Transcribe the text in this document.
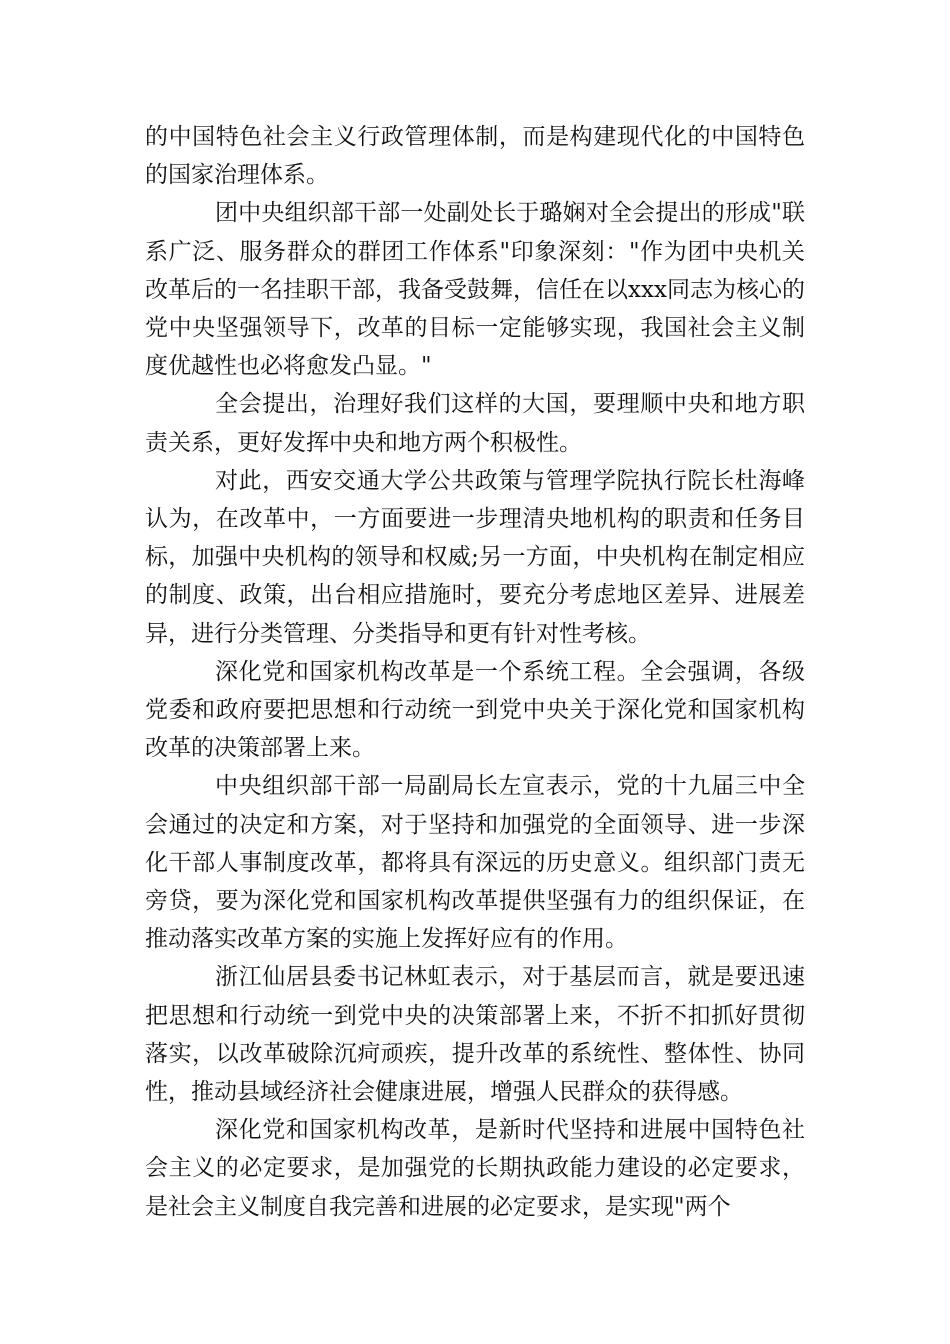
的中国特色社会主义行政管理体制，而是构建现代化的中国特色的国家治理体系。

团中央组织部干部一处副处长于璐娴对全会提出的形成"联系广泛、服务群众的群团工作体系"印象深刻："作为团中央机关改革后的一名挂职干部，我备受鼓舞，信任在以xxx同志为核心的党中央坚强领导下，改革的目标一定能够实现，我国社会主义制度优越性也必将愈发凸显。"

全会提出，治理好我们这样的大国，要理顺中央和地方职责关系，更好发挥中央和地方两个积极性。

对此，西安交通大学公共政策与管理学院执行院长杜海峰认为，在改革中，一方面要进一步理清央地机构的职责和任务目标，加强中央机构的领导和权威;另一方面，中央机构在制定相应的制度、政策，出台相应措施时，要充分考虑地区差异、进展差异，进行分类管理、分类指导和更有针对性考核。

深化党和国家机构改革是一个系统工程。全会强调，各级党委和政府要把思想和行动统一到党中央关于深化党和国家机构改革的决策部署上来。

中央组织部干部一局副局长左宣表示，党的十九届三中全会通过的决定和方案，对于坚持和加强党的全面领导、进一步深化干部人事制度改革，都将具有深远的历史意义。组织部门责无旁贷，要为深化党和国家机构改革提供坚强有力的组织保证，在推动落实改革方案的实施上发挥好应有的作用。

浙江仙居县委书记林虹表示，对于基层而言，就是要迅速把思想和行动统一到党中央的决策部署上来，不折不扣抓好贯彻落实，以改革破除沉疴顽疾，提升改革的系统性、整体性、协同性，推动县域经济社会健康进展，增强人民群众的获得感。

深化党和国家机构改革，是新时代坚持和进展中国特色社会主义的必定要求，是加强党的长期执政能力建设的必定要求，是社会主义制度自我完善和进展的必定要求，是实现"两个
